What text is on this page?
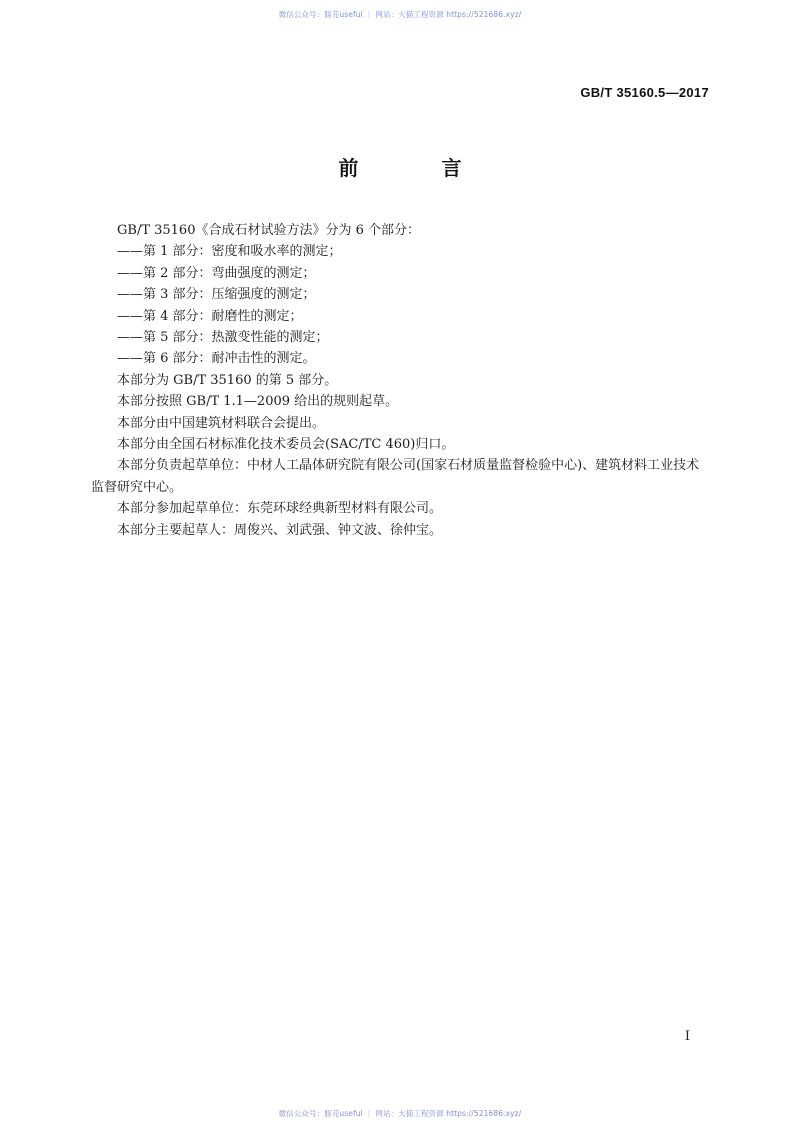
微信公众号：豚芫useful ｜ 网站：大猫工程资源 https://521686.xyz/
GB/T 35160.5—2017
前 言

GB/T 35160《合成石材试验方法》分为 6 个部分：

——第 1 部分：密度和吸水率的测定；

——第 2 部分：弯曲强度的测定；

——第 3 部分：压缩强度的测定；

——第 4 部分：耐磨性的测定；

——第 5 部分：热激变性能的测定；

——第 6 部分：耐冲击性的测定。

本部分为 GB/T 35160 的第 5 部分。

本部分按照 GB/T 1.1—2009 给出的规则起草。

本部分由中国建筑材料联合会提出。

本部分由全国石材标准化技术委员会(SAC/TC 460)归口。

本部分负责起草单位：中材人工晶体研究院有限公司(国家石材质量监督检验中心)、建筑材料工业技术监督研究中心。

本部分参加起草单位：东莞环球经典新型材料有限公司。

本部分主要起草人：周俊兴、刘武强、钟文波、徐仲宝。

I
微信公众号：豚芫useful ｜ 网站：大猫工程资源 https://521686.xyz/
